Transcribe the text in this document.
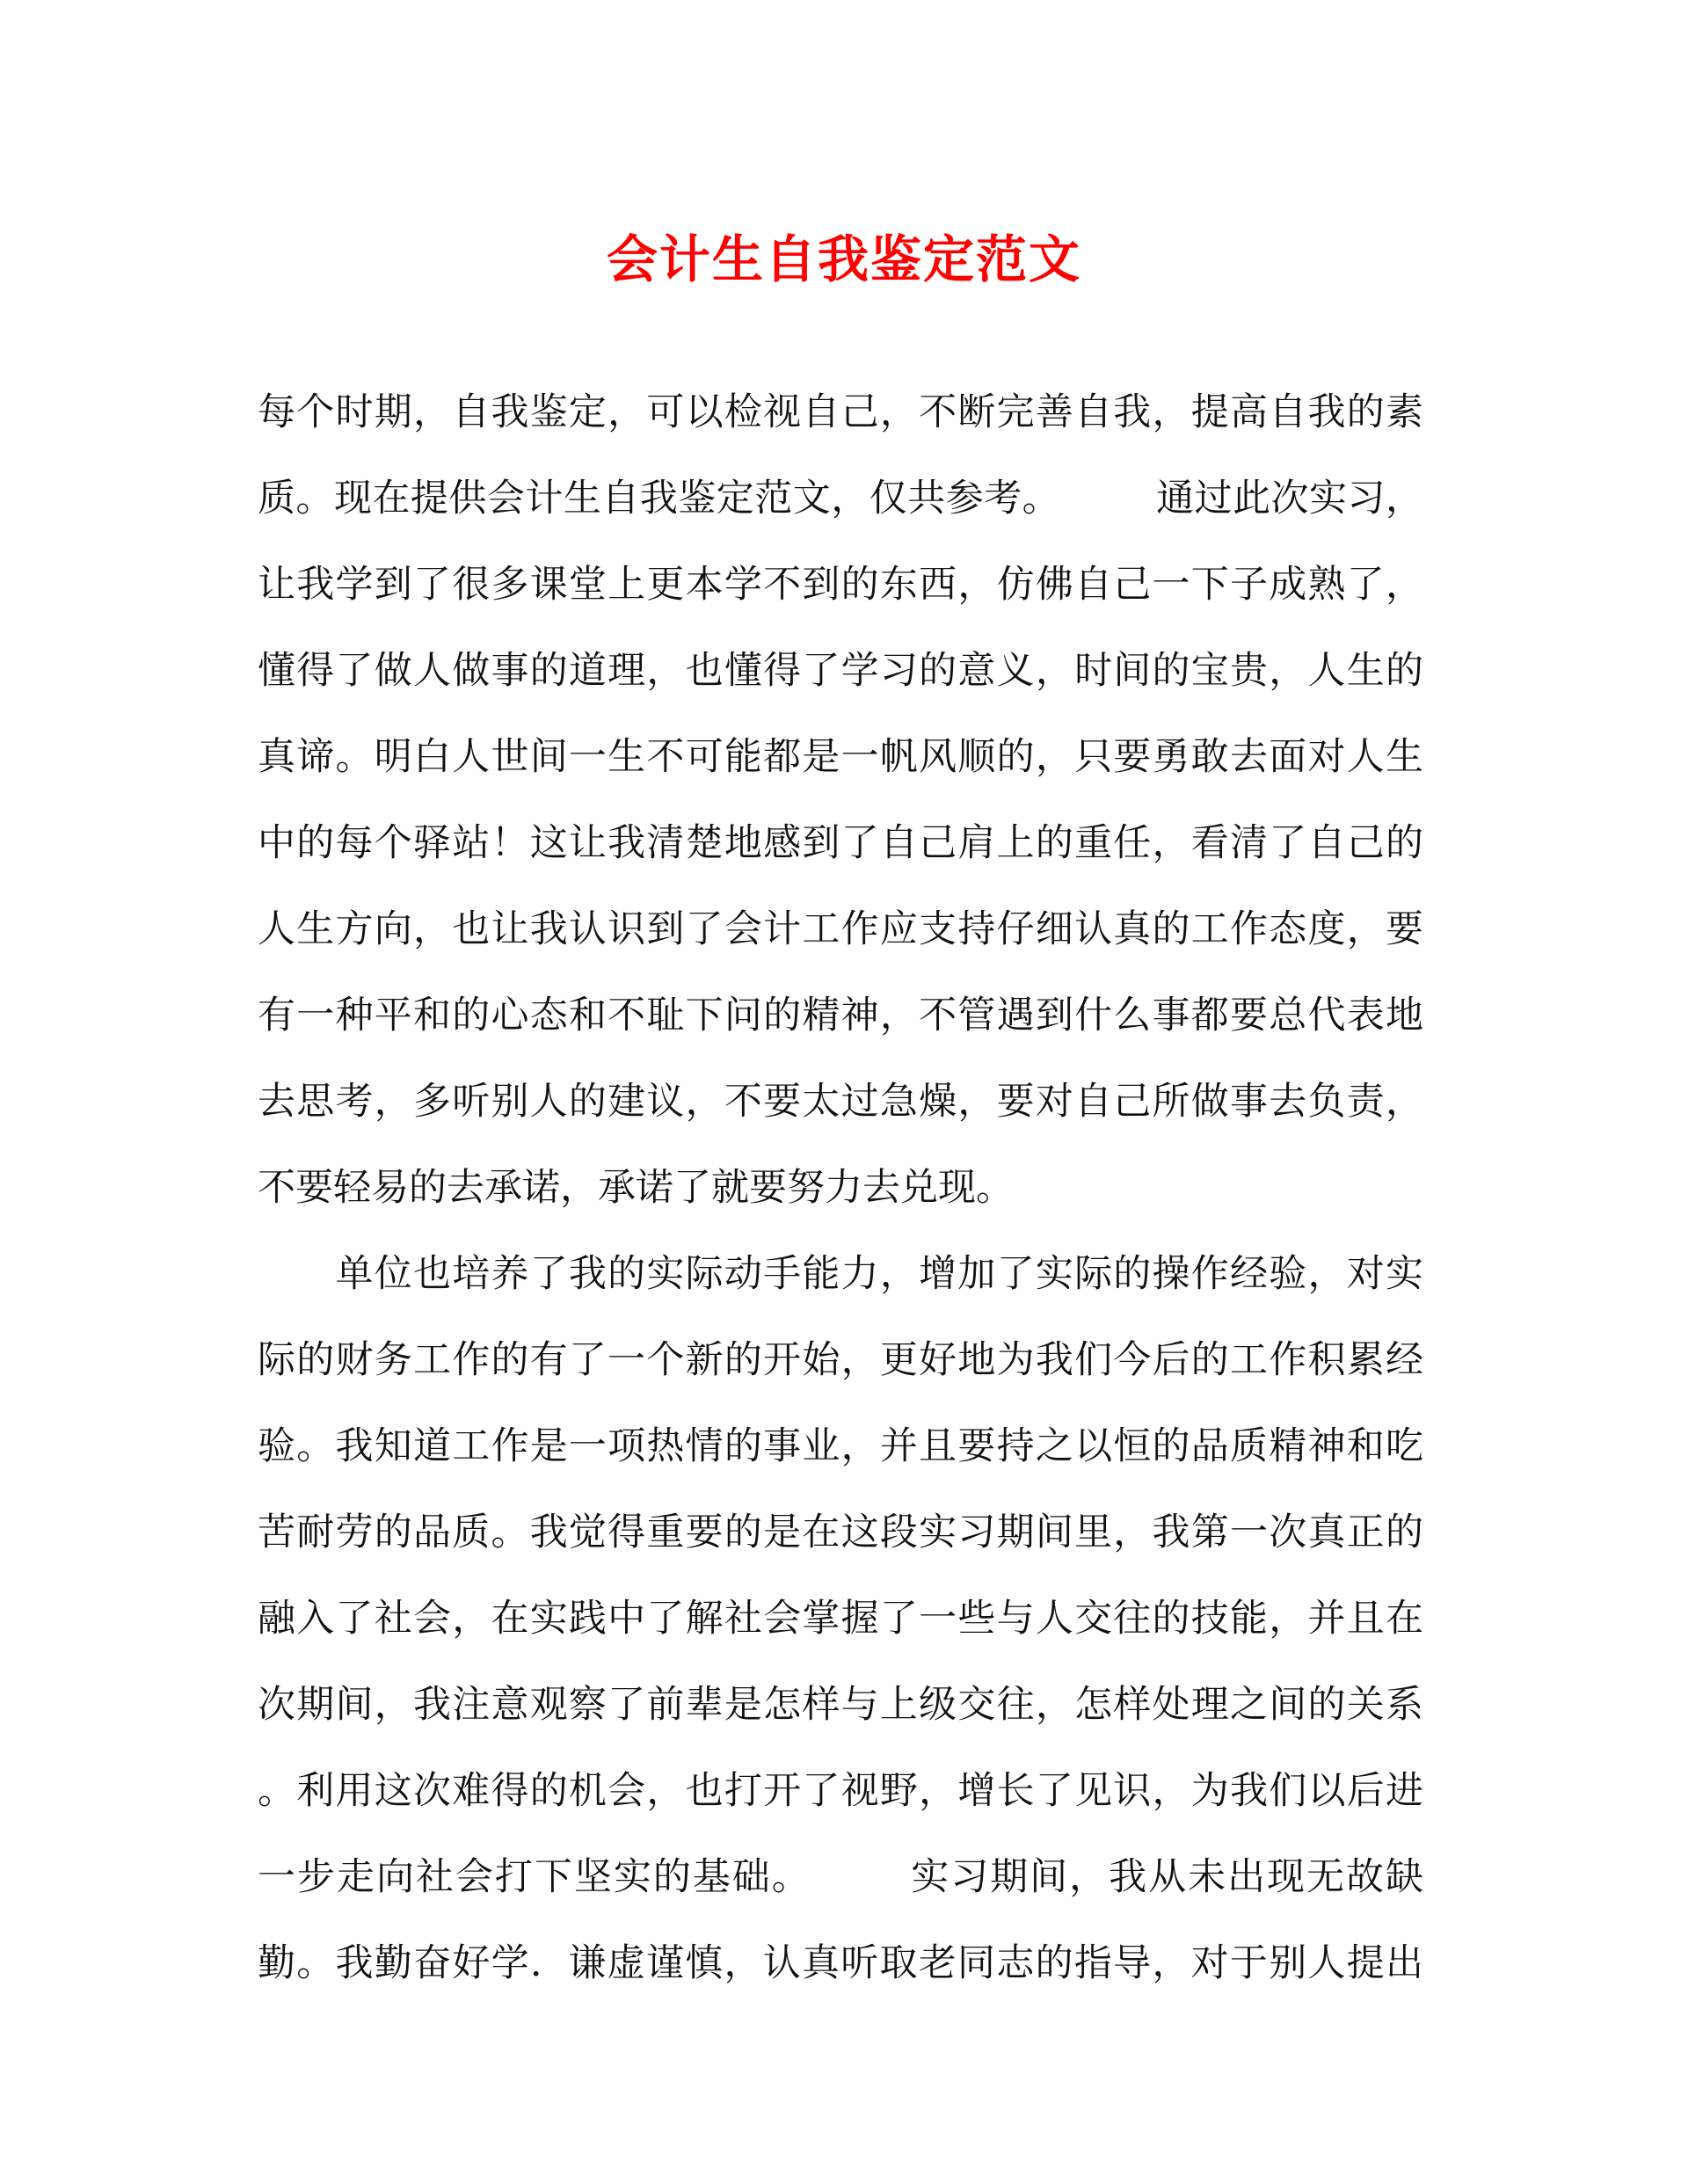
会计生自我鉴定范文
每个时期，自我鉴定，可以检视自己，不断完善自我，提高自我的素
质。现在提供会计生自我鉴定范文，仅共参考。　　　通过此次实习，
让我学到了很多课堂上更本学不到的东西，仿佛自己一下子成熟了，
懂得了做人做事的道理，也懂得了学习的意义，时间的宝贵，人生的
真谛。明白人世间一生不可能都是一帆风顺的，只要勇敢去面对人生
中的每个驿站！这让我清楚地感到了自己肩上的重任，看清了自己的
人生方向，也让我认识到了会计工作应支持仔细认真的工作态度，要
有一种平和的心态和不耻下问的精神，不管遇到什么事都要总代表地
去思考，多听别人的建议，不要太过急燥，要对自己所做事去负责，
不要轻易的去承诺，承诺了就要努力去兑现。
　　单位也培养了我的实际动手能力，增加了实际的操作经验，对实
际的财务工作的有了一个新的开始，更好地为我们今后的工作积累经
验。我知道工作是一项热情的事业，并且要持之以恒的品质精神和吃
苦耐劳的品质。我觉得重要的是在这段实习期间里，我第一次真正的
融入了社会，在实践中了解社会掌握了一些与人交往的技能，并且在
次期间，我注意观察了前辈是怎样与上级交往，怎样处理之间的关系
。利用这次难得的机会，也打开了视野，增长了见识，为我们以后进
一步走向社会打下坚实的基础。　　　实习期间，我从未出现无故缺
勤。我勤奋好学.  谦虚谨慎，认真听取老同志的指导，对于别人提出
